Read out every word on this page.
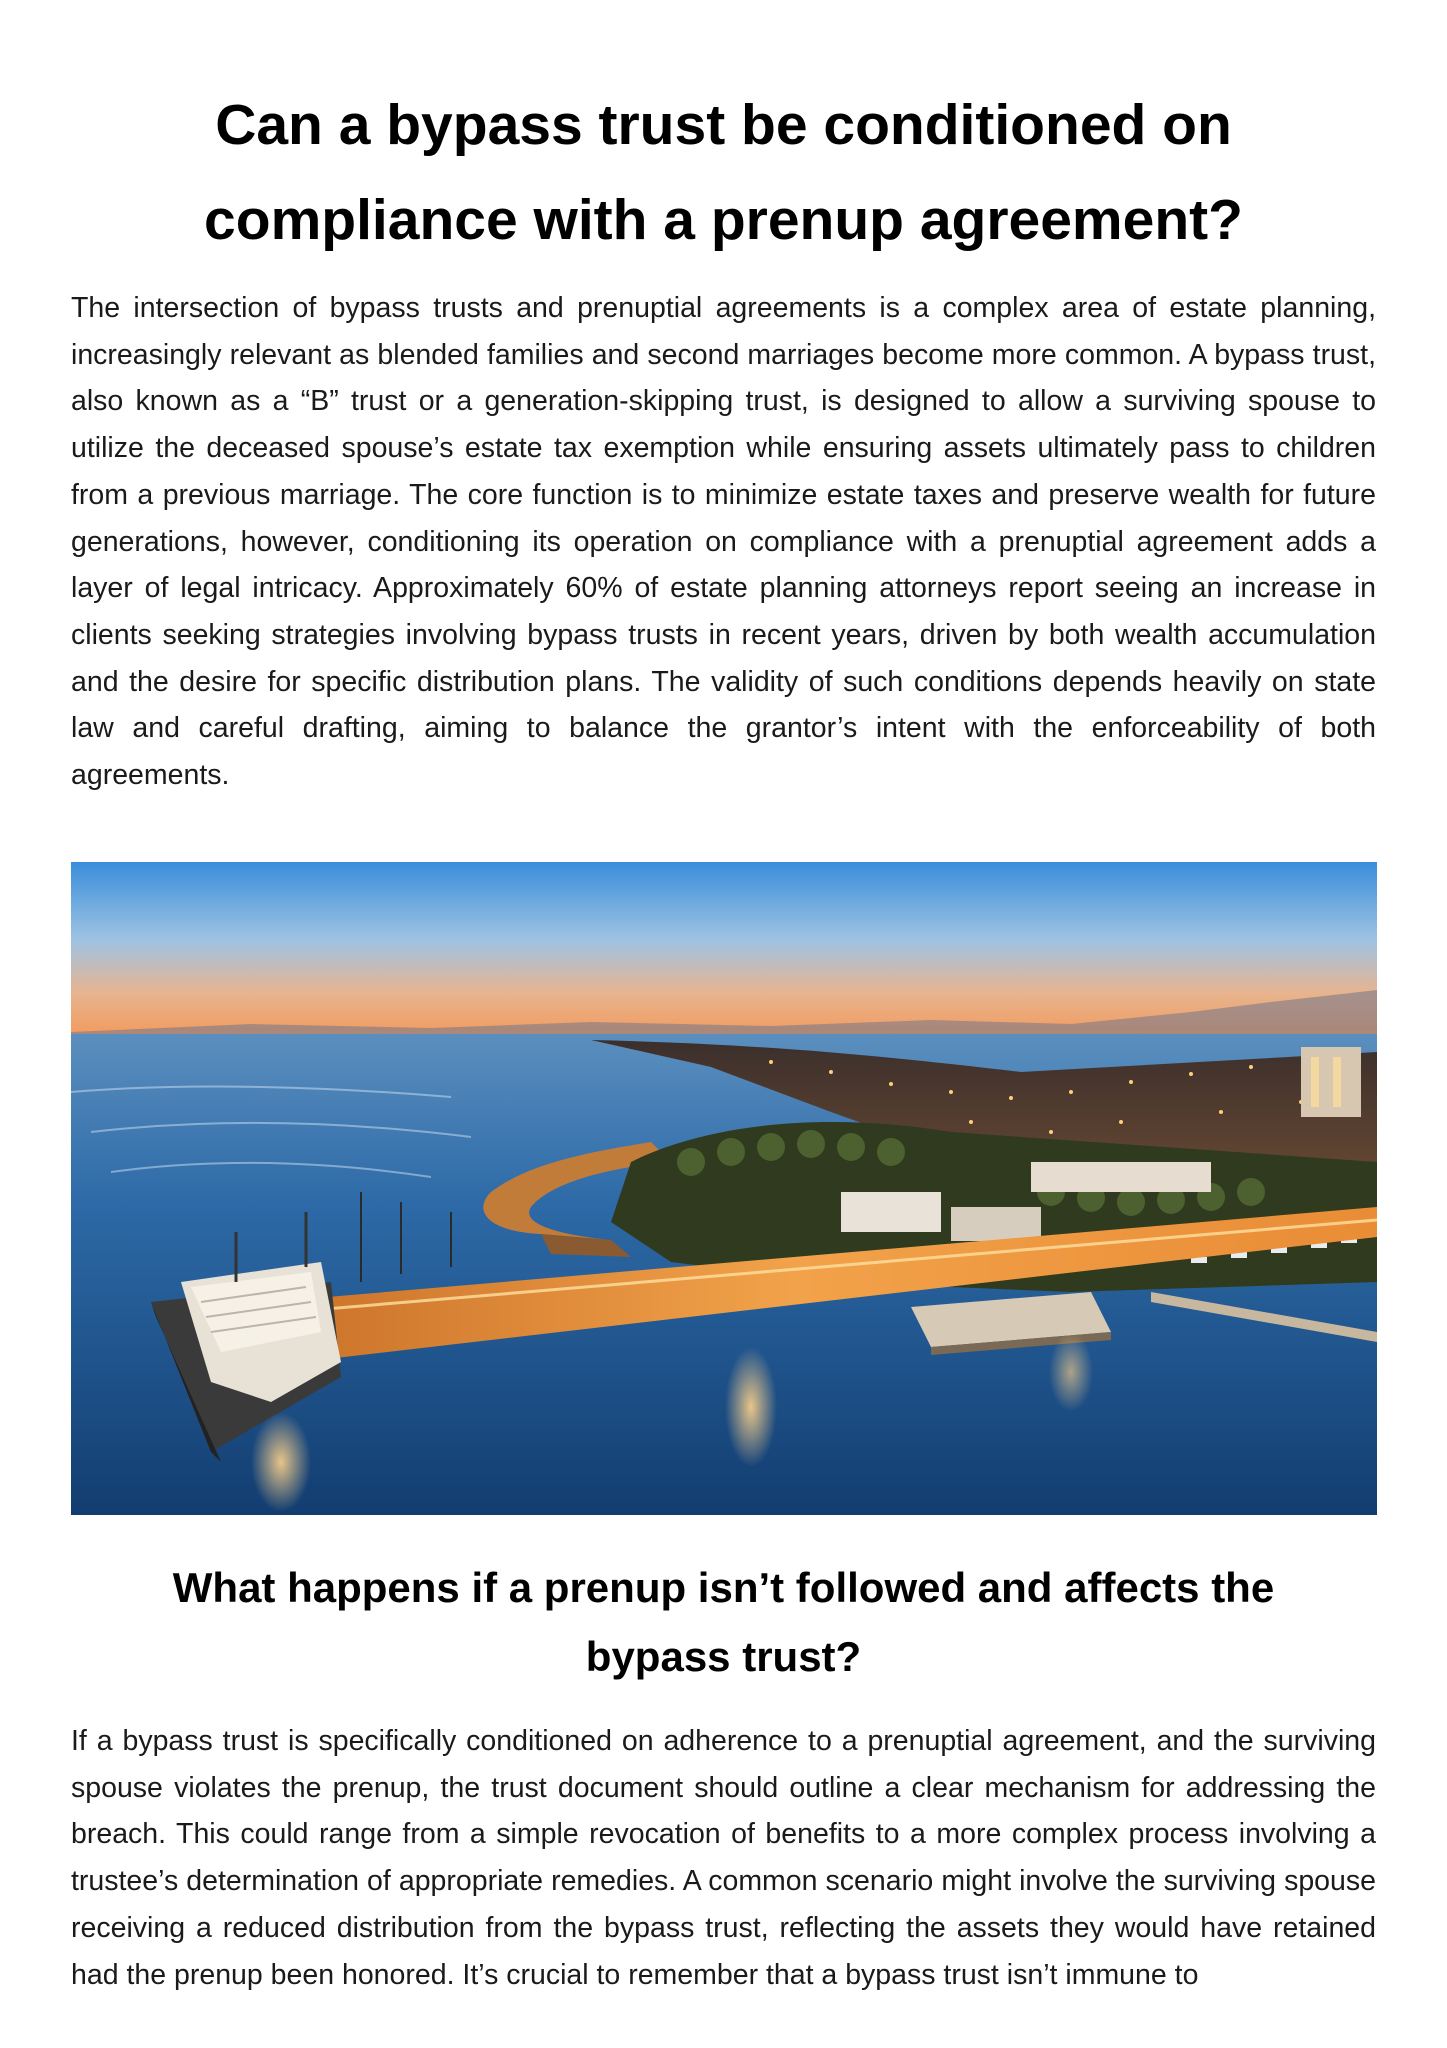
Can a bypass trust be conditioned on compliance with a prenup agreement?

The intersection of bypass trusts and prenuptial agreements is a complex area of estate planning, increasingly relevant as blended families and second marriages become more common. A bypass trust, also known as a “B” trust or a generation-skipping trust, is designed to allow a surviving spouse to utilize the deceased spouse’s estate tax exemption while ensuring assets ultimately pass to children from a previous marriage. The core function is to minimize estate taxes and preserve wealth for future generations, however, conditioning its operation on compliance with a prenuptial agreement adds a layer of legal intricacy. Approximately 60% of estate planning attorneys report seeing an increase in clients seeking strategies involving bypass trusts in recent years, driven by both wealth accumulation and the desire for specific distribution plans. The validity of such conditions depends heavily on state law and careful drafting, aiming to balance the grantor’s intent with the enforceability of both agreements.

What happens if a prenup isn’t followed and affects the bypass trust?

If a bypass trust is specifically conditioned on adherence to a prenuptial agreement, and the surviving spouse violates the prenup, the trust document should outline a clear mechanism for addressing the breach. This could range from a simple revocation of benefits to a more complex process involving a trustee’s determination of appropriate remedies. A common scenario might involve the surviving spouse receiving a reduced distribution from the bypass trust, reflecting the assets they would have retained had the prenup been honored. It’s crucial to remember that a bypass trust isn’t immune to
